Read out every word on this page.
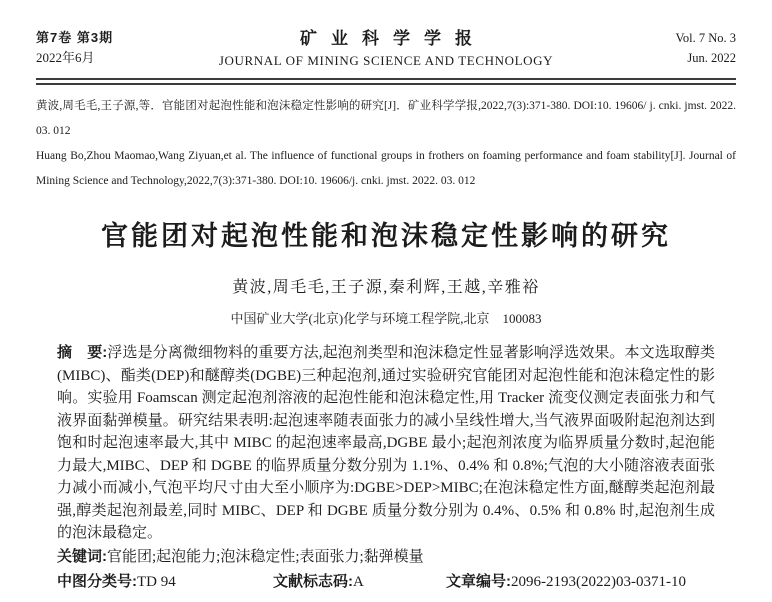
第7卷 第3期
2022年6月
矿业科学学报
JOURNAL OF MINING SCIENCE AND TECHNOLOGY
Vol. 7 No. 3
Jun. 2022

黄波,周毛毛,王子源,等．官能团对起泡性能和泡沫稳定性影响的研究[J]．矿业科学学报,2022,7(3):371-380. DOI:10. 19606/ j. cnki. jmst. 2022. 03. 012

Huang Bo,Zhou Maomao,Wang Ziyuan,et al. The influence of functional groups in frothers on foaming performance and foam stability[J]. Journal of Mining Science and Technology,2022,7(3):371-380. DOI:10. 19606/j. cnki. jmst. 2022. 03. 012

官能团对起泡性能和泡沫稳定性影响的研究
黄波,周毛毛,王子源,秦利辉,王越,辛雅裕
中国矿业大学(北京)化学与环境工程学院,北京　100083

摘　要:浮选是分离微细物料的重要方法,起泡剂类型和泡沫稳定性显著影响浮选效果。本文选取醇类(MIBC)、酯类(DEP)和醚醇类(DGBE)三种起泡剂,通过实验研究官能团对起泡性能和泡沫稳定性的影响。实验用 Foamscan 测定起泡剂溶液的起泡性能和泡沫稳定性,用 Tracker 流变仪测定表面张力和气液界面黏弹模量。研究结果表明:起泡速率随表面张力的减小呈线性增大,当气液界面吸附起泡剂达到饱和时起泡速率最大,其中 MIBC 的起泡速率最高,DGBE 最小;起泡剂浓度为临界质量分数时,起泡能力最大,MIBC、DEP 和 DGBE 的临界质量分数分别为 1.1%、0.4% 和 0.8%;气泡的大小随溶液表面张力减小而减小,气泡平均尺寸由大至小顺序为:DGBE>DEP>MIBC;在泡沫稳定性方面,醚醇类起泡剂最强,醇类起泡剂最差,同时 MIBC、DEP 和 DGBE 质量分数分别为 0.4%、0.5% 和 0.8% 时,起泡剂生成的泡沫最稳定。

关键词:官能团;起泡能力;泡沫稳定性;表面张力;黏弹模量

中图分类号:TD 94	文献标志码:A	文章编号:2096-2193(2022)03-0371-10
